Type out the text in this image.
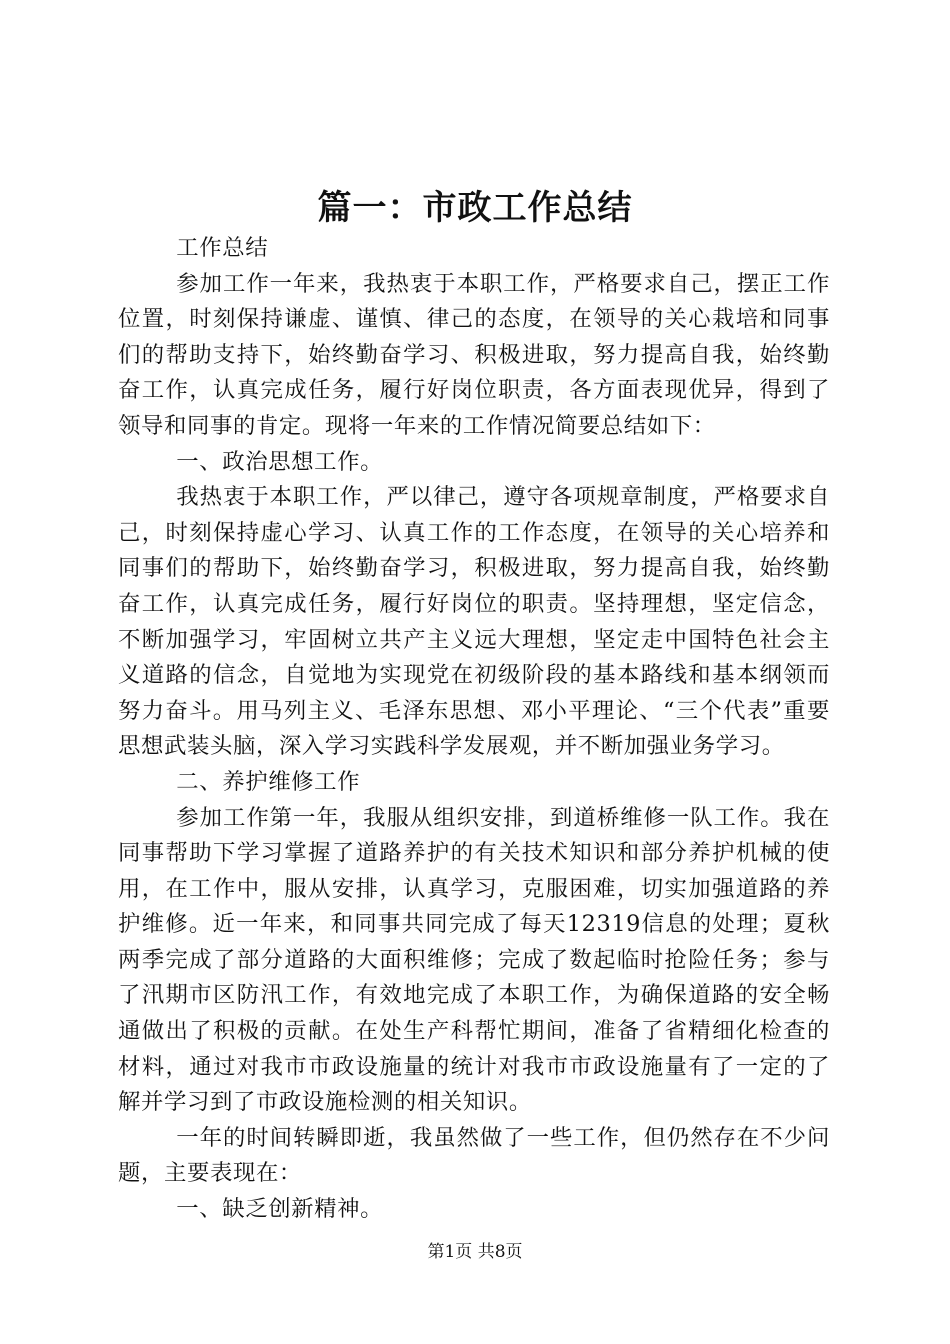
篇一：市政工作总结

工作总结

参加工作一年来，我热衷于本职工作，严格要求自己，摆正工作位置，时刻保持谦虚、谨慎、律己的态度，在领导的关心栽培和同事们的帮助支持下，始终勤奋学习、积极进取，努力提高自我，始终勤奋工作，认真完成任务，履行好岗位职责，各方面表现优异，得到了领导和同事的肯定。现将一年来的工作情况简要总结如下：

一、政治思想工作。

我热衷于本职工作，严以律己，遵守各项规章制度，严格要求自己，时刻保持虚心学习、认真工作的工作态度，在领导的关心培养和同事们的帮助下，始终勤奋学习，积极进取，努力提高自我，始终勤奋工作，认真完成任务，履行好岗位的职责。坚持理想，坚定信念，不断加强学习，牢固树立共产主义远大理想，坚定走中国特色社会主义道路的信念，自觉地为实现党在初级阶段的基本路线和基本纲领而努力奋斗。用马列主义、毛泽东思想、邓小平理论、“三个代表”重要思想武装头脑，深入学习实践科学发展观，并不断加强业务学习。

二、养护维修工作

参加工作第一年，我服从组织安排，到道桥维修一队工作。我在同事帮助下学习掌握了道路养护的有关技术知识和部分养护机械的使用，在工作中，服从安排，认真学习，克服困难，切实加强道路的养护维修。近一年来，和同事共同完成了每天12319信息的处理；夏秋两季完成了部分道路的大面积维修；完成了数起临时抢险任务；参与了汛期市区防汛工作，有效地完成了本职工作，为确保道路的安全畅通做出了积极的贡献。在处生产科帮忙期间，准备了省精细化检查的材料，通过对我市市政设施量的统计对我市市政设施量有了一定的了解并学习到了市政设施检测的相关知识。

一年的时间转瞬即逝，我虽然做了一些工作，但仍然存在不少问题，主要表现在：

一、缺乏创新精神。

第1页 共8页
